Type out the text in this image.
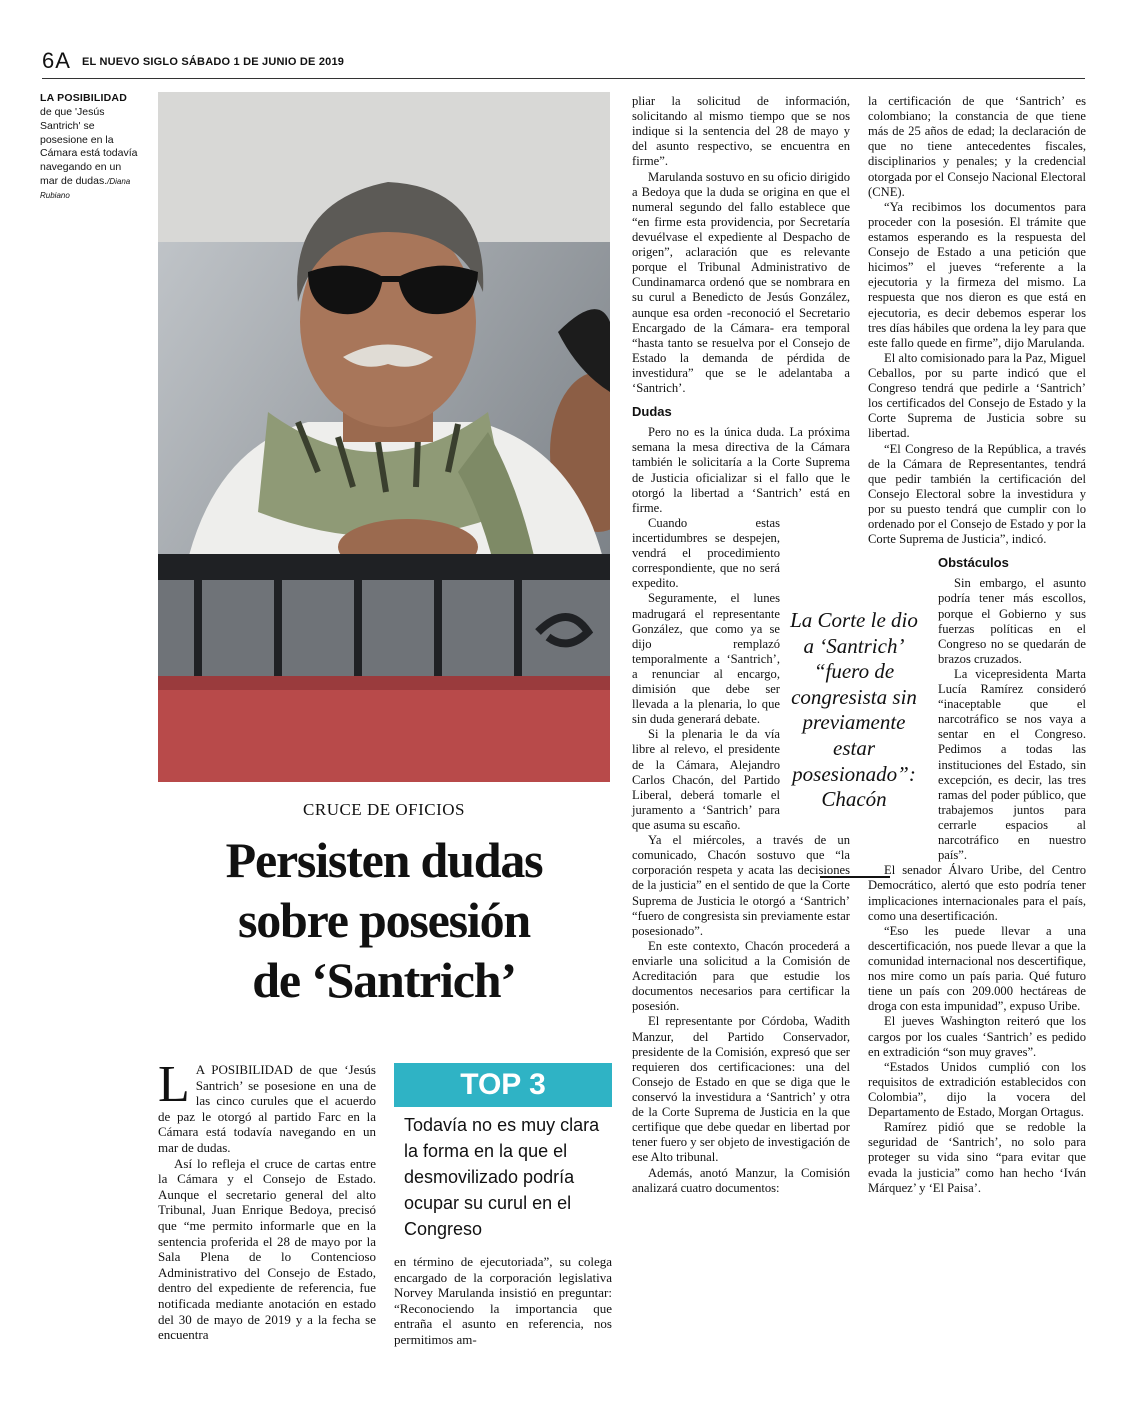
6A EL NUEVO SIGLO SÁBADO 1 DE JUNIO DE 2019
LA POSIBILIDAD
de que 'Jesús Santrich' se posesione en la Cámara está todavía navegando en un mar de dudas./Diana Rubiano
CRUCE DE OFICIOS
Persisten dudas
sobre posesión
de ‘Santrich’

L A POSIBILIDAD de que ‘Jesús Santrich’ se posesione en una de las cinco curules que el acuerdo de paz le otorgó al partido Farc en la Cámara está todavía navegando en un mar de dudas.

Así lo refleja el cruce de cartas entre la Cámara y el Consejo de Estado. Aunque el secretario general del alto Tribunal, Juan Enrique Bedoya, precisó que “me permito informarle que en la sentencia proferida el 28 de mayo por la Sala Plena de lo Contencioso Administrativo del Consejo de Estado, dentro del expediente de referencia, fue notificada mediante anotación en estado del 30 de mayo de 2019 y a la fecha se encuentra

TOP 3
Todavía no es muy clara la forma en la que el desmovilizado podría ocupar su curul en el Congreso

en término de ejecutoriada”, su colega encargado de la corporación legislativa Norvey Marulanda insistió en preguntar: “Reconociendo la importancia que entraña el asunto en referencia, nos permitimos am-

pliar la solicitud de información, solicitando al mismo tiempo que se nos indique si la sentencia del 28 de mayo y del asunto respectivo, se encuentra en firme”.

Marulanda sostuvo en su oficio dirigido a Bedoya que la duda se origina en que el numeral segundo del fallo establece que “en firme esta providencia, por Secretaría devuélvase el expediente al Despacho de origen”, aclaración que es relevante porque el Tribunal Administrativo de Cundinamarca ordenó que se nombrara en su curul a Benedicto de Jesús González, aunque esa orden -reconoció el Secretario Encargado de la Cámara- era temporal “hasta tanto se resuelva por el Consejo de Estado la demanda de pérdida de investidura” que se le adelantaba a ‘Santrich’.

Dudas

Pero no es la única duda. La próxima semana la mesa directiva de la Cámara también le solicitaría a la Corte Suprema de Justicia oficializar si el fallo que le otorgó la libertad a ‘Santrich’ está en firme.

Cuando estas incertidumbres se despejen, vendrá el procedimiento correspondiente, que no será expedito.

Seguramente, el lunes madrugará el representante González, que como ya se dijo remplazó temporalmente a ‘Santrich’, a renunciar al encargo, dimisión que debe ser llevada a la plenaria, lo que sin duda generará debate.

Si la plenaria le da vía libre al relevo, el presidente de la Cámara, Alejandro Carlos Chacón, del Partido Liberal, deberá tomarle el juramento a ‘Santrich’ para que asuma su escaño.

Ya el miércoles, a través de un comunicado, Chacón sostuvo que “la corporación respeta y acata las decisiones de la justicia” en el sentido de que la Corte Suprema de Justicia le otorgó a ‘Santrich’ “fuero de congresista sin previamente estar posesionado”.

En este contexto, Chacón procederá a enviarle una solicitud a la Comisión de Acreditación para que estudie los documentos necesarios para certificar la posesión.

El representante por Córdoba, Wadith Manzur, del Partido Conservador, presidente de la Comisión, expresó que ser requieren dos certificaciones: una del Consejo de Estado en que se diga que le conservó la investidura a ‘Santrich’ y otra de la Corte Suprema de Justicia en la que certifique que debe quedar en libertad por tener fuero y ser objeto de investigación de ese Alto tribunal.

Además, anotó Manzur, la Comisión analizará cuatro documentos:

La Corte le dio a ‘Santrich’ “fuero de congresista sin previamente estar posesionado”: Chacón

la certificación de que ‘Santrich’ es colombiano; la constancia de que tiene más de 25 años de edad; la declaración de que no tiene antecedentes fiscales, disciplinarios y penales; y la credencial otorgada por el Consejo Nacional Electoral (CNE).

“Ya recibimos los documentos para proceder con la posesión. El trámite que estamos esperando es la respuesta del Consejo de Estado a una petición que hicimos” el jueves “referente a la ejecutoria y la firmeza del mismo. La respuesta que nos dieron es que está en ejecutoria, es decir debemos esperar los tres días hábiles que ordena la ley para que este fallo quede en firme”, dijo Marulanda.

El alto comisionado para la Paz, Miguel Ceballos, por su parte indicó que el Congreso tendrá que pedirle a ‘Santrich’ los certificados del Consejo de Estado y la Corte Suprema de Justicia sobre su libertad.

“El Congreso de la República, a través de la Cámara de Representantes, tendrá que pedir también la certificación del Consejo Electoral sobre la investidura y por su puesto tendrá que cumplir con lo ordenado por el Consejo de Estado y por la Corte Suprema de Justicia”, indicó.

Obstáculos

Sin embargo, el asunto podría tener más escollos, porque el Gobierno y sus fuerzas políticas en el Congreso no se quedarán de brazos cruzados.

La vicepresidenta Marta Lucía Ramírez consideró “inaceptable que el narcotráfico se nos vaya a sentar en el Congreso. Pedimos a todas las instituciones del Estado, sin excepción, es decir, las tres ramas del poder público, que trabajemos juntos para cerrarle espacios al narcotráfico en nuestro país”.

El senador Álvaro Uribe, del Centro Democrático, alertó que esto podría tener implicaciones internacionales para el país, como una desertificación.

“Eso les puede llevar a una descertificación, nos puede llevar a que la comunidad internacional nos descertifique, nos mire como un país paria. Qué futuro tiene un país con 209.000 hectáreas de droga con esta impunidad”, expuso Uribe.

El jueves Washington reiteró que los cargos por los cuales ‘Santrich’ es pedido en extradición “son muy graves”.

“Estados Unidos cumplió con los requisitos de extradición establecidos con Colombia”, dijo la vocera del Departamento de Estado, Morgan Ortagus.

Ramírez pidió que se redoble la seguridad de ‘Santrich’, no solo para proteger su vida sino “para evitar que evada la justicia” como han hecho ‘Iván Márquez’ y ‘El Paisa’.
